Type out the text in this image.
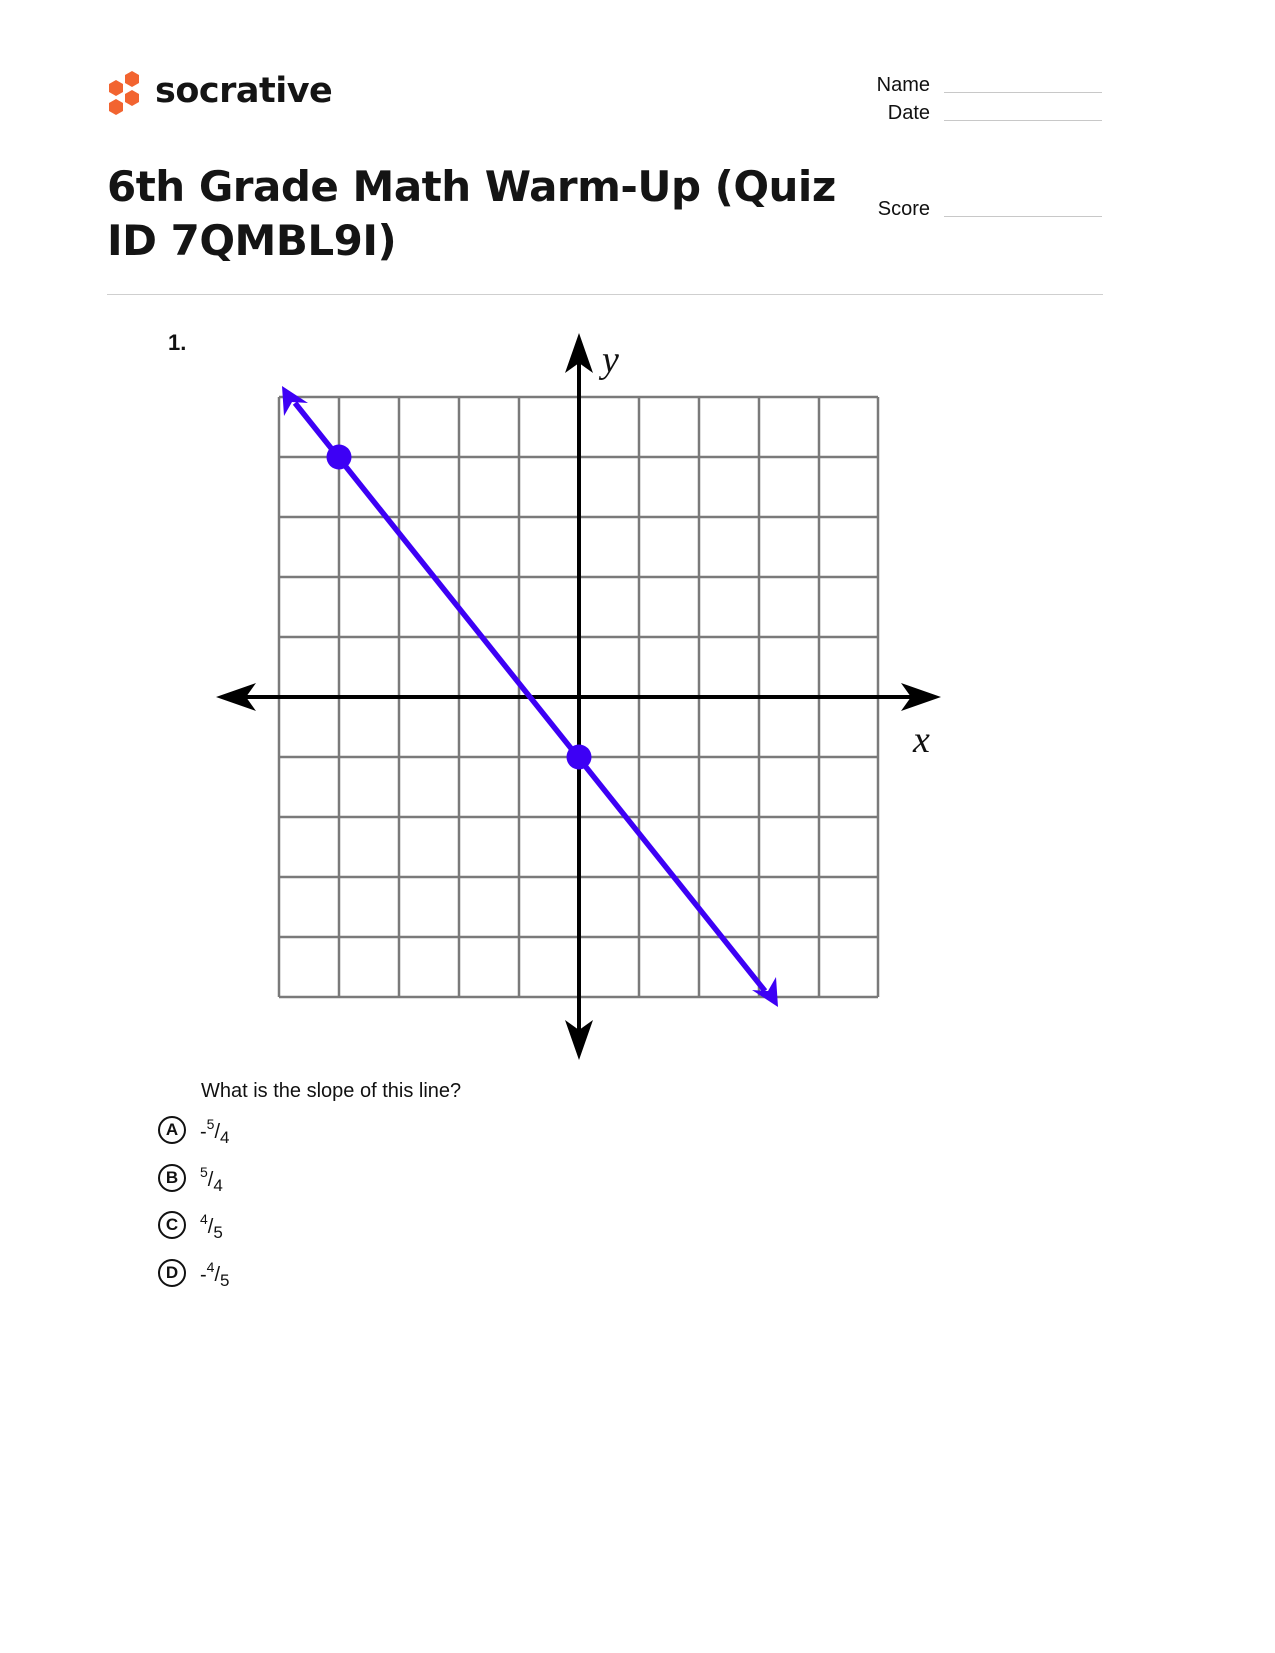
socrative	Name
Date
Score
6th Grade Math Warm-Up (Quiz ID 7QMBL9I)
1.	y
x
What is the slope of this line?
A	$-^5/_4$
B	$^5/_4$
C	$^4/_5$
D	$-^4/_5$
